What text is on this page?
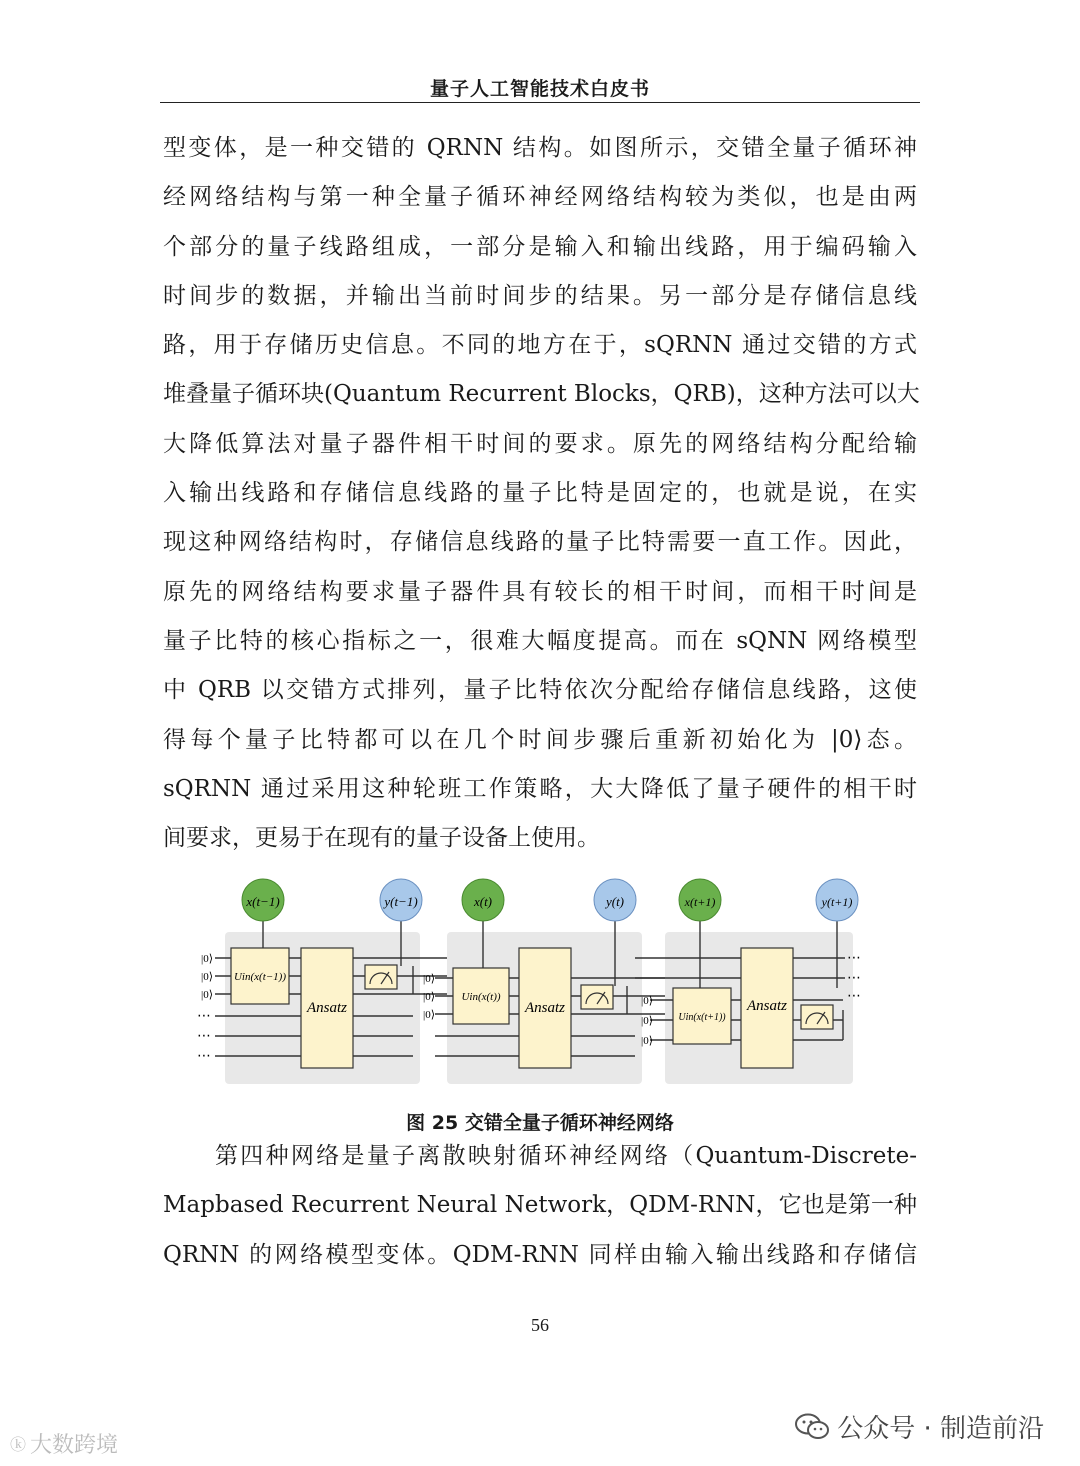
量子人工智能技术白皮书

型变体，是一种交错的 QRNN 结构。如图所示，交错全量子循环神
经网络结构与第一种全量子循环神经网络结构较为类似，也是由两
个部分的量子线路组成，一部分是输入和输出线路，用于编码输入
时间步的数据，并输出当前时间步的结果。另一部分是存储信息线
路，用于存储历史信息。不同的地方在于，sQRNN 通过交错的方式
堆叠量子循环块(Quantum Recurrent Blocks，QRB)，这种方法可以大
大降低算法对量子器件相干时间的要求。原先的网络结构分配给输
入输出线路和存储信息线路的量子比特是固定的，也就是说，在实
现这种网络结构时，存储信息线路的量子比特需要一直工作。因此，
原先的网络结构要求量子器件具有较长的相干时间，而相干时间是
量子比特的核心指标之一，很难大幅度提高。而在 sQNN 网络模型
中 QRB 以交错方式排列，量子比特依次分配给存储信息线路，这使
得每个量子比特都可以在几个时间步骤后重新初始化为 |0⟩态。
sQRNN 通过采用这种轮班工作策略，大大降低了量子硬件的相干时
间要求，更易于在现有的量子设备上使用。

x(t−1)	y(t−1)
Uin(x(t−1))
Ansatz
|0⟩
|0⟩
|0⟩
⋯
⋯
⋯
x(t)	y(t)
Uin(x(t))
Ansatz
|0⟩
|0⟩
|0⟩
x(t+1)	y(t+1)
Uin(x(t+1))
Ansatz
|0⟩
|0⟩
|0⟩
⋯
⋯
⋯
图 25 交错全量子循环神经网络

第四种网络是量子离散映射循环神经网络（Quantum-Discrete-
Mapbased Recurrent Neural Network，QDM-RNN，它也是第一种
QRNN 的网络模型变体。QDM-RNN 同样由输入输出线路和存储信

56
公众号 · 制造前沿
ⓚ 大数跨境
